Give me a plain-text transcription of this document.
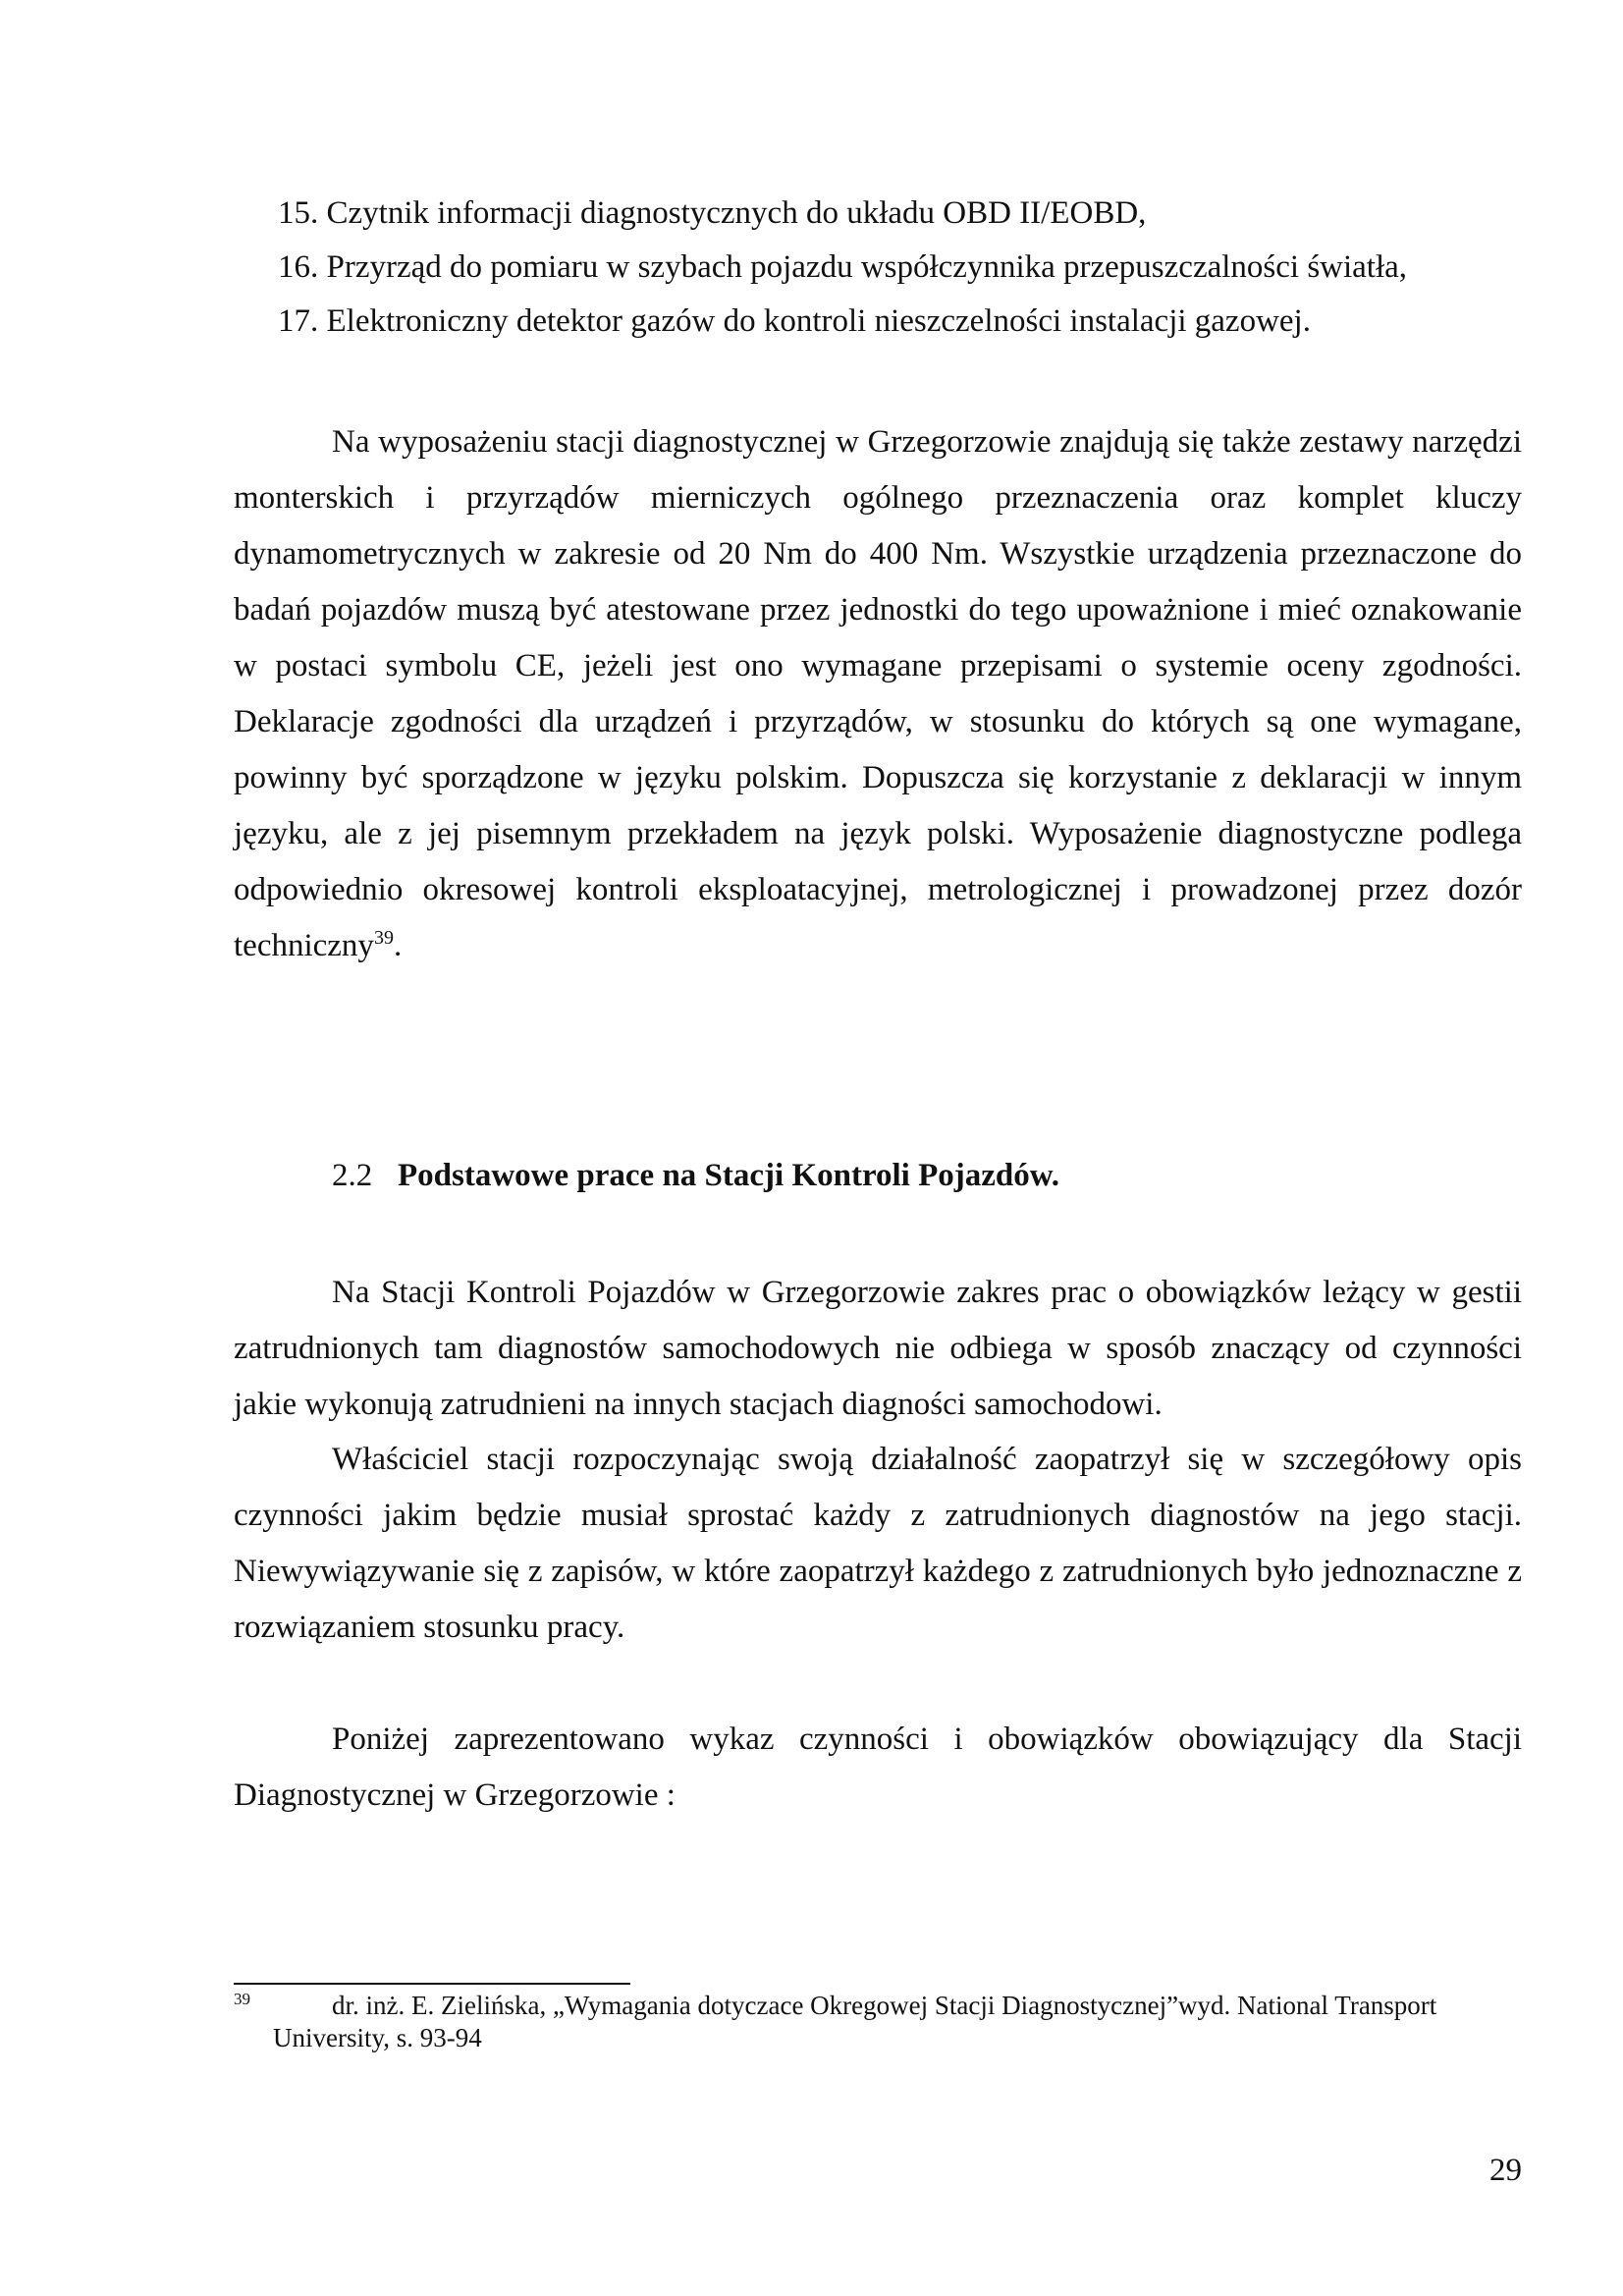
15. Czytnik informacji diagnostycznych do układu OBD II/EOBD,
16. Przyrząd do pomiaru w szybach pojazdu współczynnika przepuszczalności światła,
17. Elektroniczny detektor gazów do kontroli nieszczelności instalacji gazowej.

Na wyposażeniu stacji diagnostycznej w Grzegorzowie znajdują się także zestawy narzędzi monterskich i przyrządów mierniczych ogólnego przeznaczenia oraz komplet kluczy dynamometrycznych w zakresie od 20 Nm do 400 Nm. Wszystkie urządzenia przeznaczone do badań pojazdów muszą być atestowane przez jednostki do tego upoważnione i mieć oznakowanie w postaci symbolu CE, jeżeli jest ono wymagane przepisami o systemie oceny zgodności. Deklaracje zgodności dla urządzeń i przyrządów, w stosunku do których są one wymagane, powinny być sporządzone w języku polskim. Dopuszcza się korzystanie z deklaracji w innym języku, ale z jej pisemnym przekładem na język polski. Wyposażenie diagnostyczne podlega odpowiednio okresowej kontroli eksploatacyjnej, metrologicznej i prowadzonej przez dozór techniczny$^{39}$.

2.2 Podstawowe prace na Stacji Kontroli Pojazdów.

Na Stacji Kontroli Pojazdów w Grzegorzowie zakres prac o obowiązków leżący w gestii zatrudnionych tam diagnostów samochodowych nie odbiega w sposób znaczący od czynności jakie wykonują zatrudnieni na innych stacjach diagności samochodowi.

Właściciel stacji rozpoczynając swoją działalność zaopatrzył się w szczegółowy opis czynności jakim będzie musiał sprostać każdy z zatrudnionych diagnostów na jego stacji. Niewywiązywanie się z zapisów, w które zaopatrzył każdego z zatrudnionych było jednoznaczne z rozwiązaniem stosunku pracy.

Poniżej zaprezentowano wykaz czynności i obowiązków obowiązujący dla Stacji Diagnostycznej w Grzegorzowie :

39	dr. inż. E. Zielińska, „Wymagania dotyczace Okregowej Stacji Diagnostycznej”wyd. National Transport University, s. 93-94
29
